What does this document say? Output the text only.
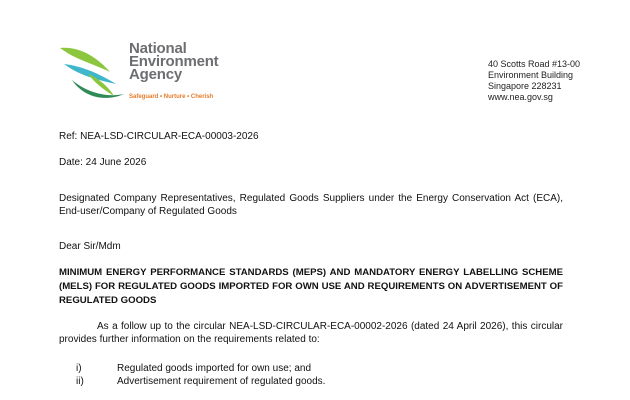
National
Environment
Agency
Safeguard • Nurture • Cherish
40 Scotts Road #13-00
Environment Building
Singapore 228231
www.nea.gov.sg
Ref: NEA-LSD-CIRCULAR-ECA-00003-2026
Date: 24 June 2026
Designated Company Representatives, Regulated Goods Suppliers under the Energy Conservation Act (ECA), End-user/Company of Regulated Goods
Dear Sir/Mdm
MINIMUM ENERGY PERFORMANCE STANDARDS (MEPS) AND MANDATORY ENERGY LABELLING SCHEME (MELS) FOR REGULATED GOODS IMPORTED FOR OWN USE AND REQUIREMENTS ON ADVERTISEMENT OF REGULATED GOODS
As a follow up to the circular NEA-LSD-CIRCULAR-ECA-00002-2026 (dated 24 April 2026), this circular provides further information on the requirements related to:
i)	Regulated goods imported for own use; and
ii)	Advertisement requirement of regulated goods.
